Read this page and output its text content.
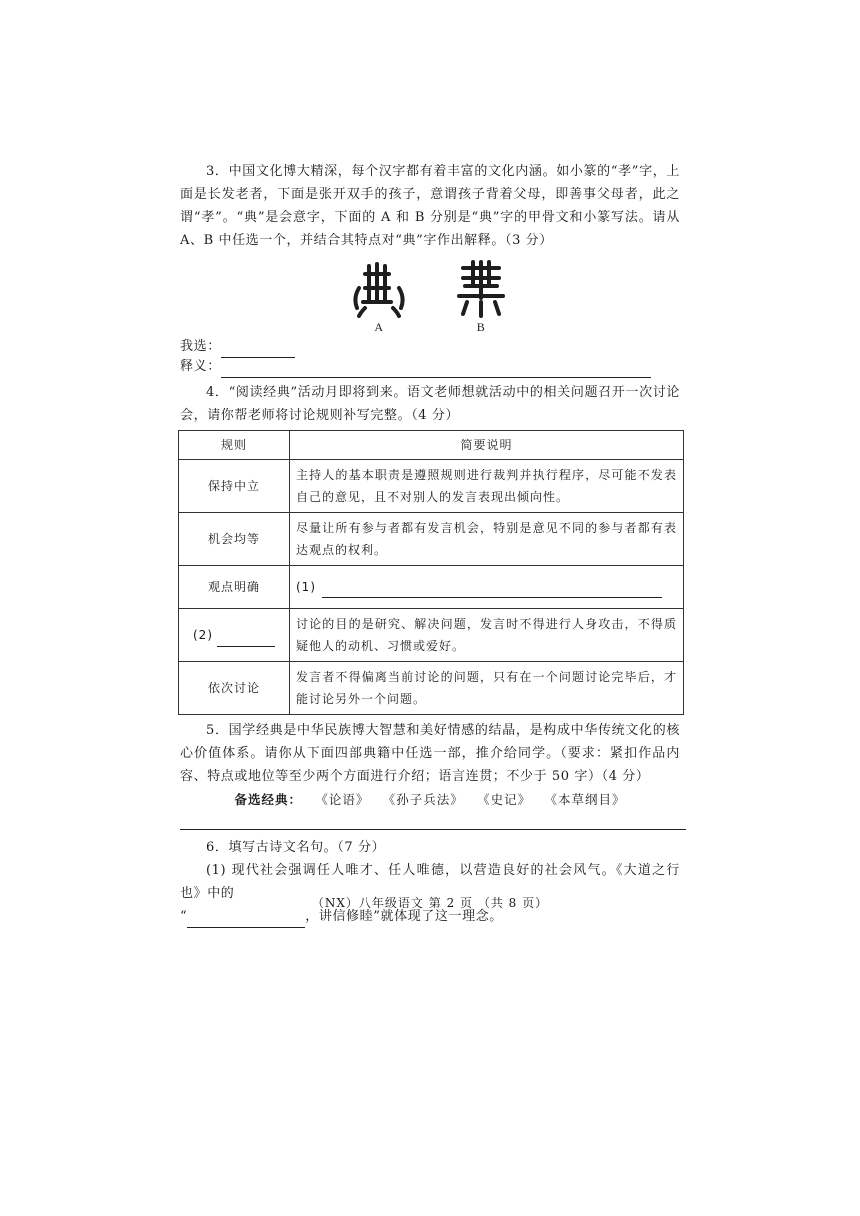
3．中国文化博大精深，每个汉字都有着丰富的文化内涵。如小篆的“孝”字，上面是长发老者，下面是张开双手的孩子，意谓孩子背着父母，即善事父母者，此之谓“孝”。“典”是会意字，下面的 A 和 B 分别是“典”字的甲骨文和小篆写法。请从 A、B 中任选一个，并结合其特点对“典”字作出解释。（3 分）

A	B
我选：
释义：

4．“阅读经典”活动月即将到来。语文老师想就活动中的相关问题召开一次讨论会，请你帮老师将讨论规则补写完整。（4 分）

规则	简要说明
保持中立	主持人的基本职责是遵照规则进行裁判并执行程序，尽可能不发表自己的意见，且不对别人的发言表现出倾向性。
机会均等	尽量让所有参与者都有发言机会，特别是意见不同的参与者都有表达观点的权利。
观点明确	(1)

(2)	讨论的目的是研究、解决问题，发言时不得进行人身攻击，不得质疑他人的动机、习惯或爱好。
依次讨论	发言者不得偏离当前讨论的问题，只有在一个问题讨论完毕后，才能讨论另外一个问题。

5．国学经典是中华民族博大智慧和美好情感的结晶，是构成中华传统文化的核心价值体系。请你从下面四部典籍中任选一部，推介给同学。（要求：紧扣作品内容、特点或地位等至少两个方面进行介绍；语言连贯；不少于 50 字）（4 分）

备选经典： 《论语》 《孙子兵法》 《史记》 《本草纲目》

6．填写古诗文名句。（7 分）

(1) 现代社会强调任人唯才、任人唯德，以营造良好的社会风气。《大道之行也》中的

“	，讲信修睦”就体现了这一理念。
（NX）八年级语文 第 2 页 （共 8 页）
